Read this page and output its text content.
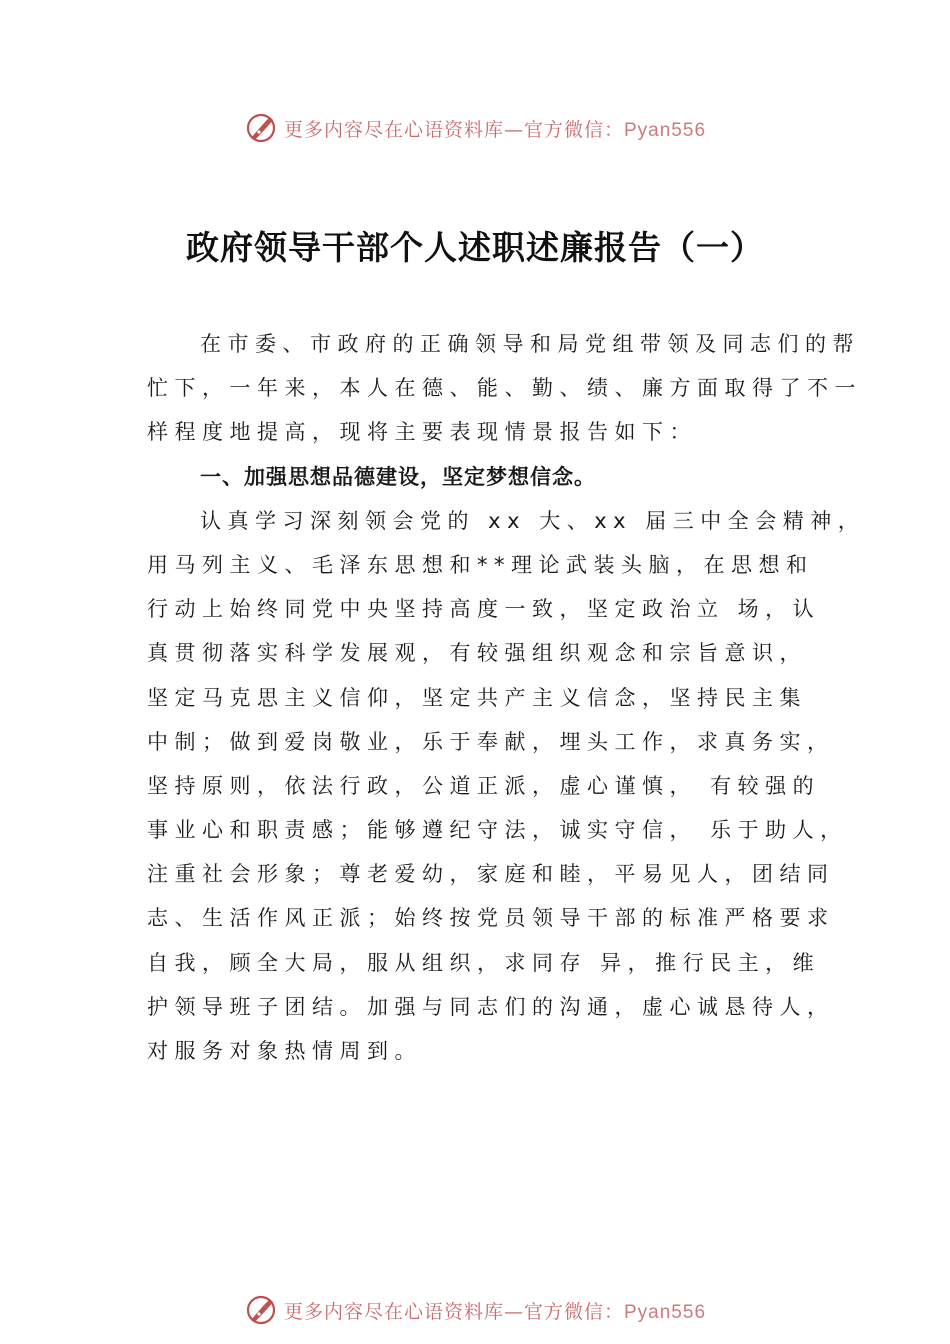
更多内容尽在心语资料库—官方微信：Pyan556
政府领导干部个人述职述廉报告（一）
在市委、市政府的正确领导和局党组带领及同志们的帮
忙下，一年来，本人在德、能、勤、绩、廉方面取得了不一
样程度地提高，现将主要表现情景报告如下：
一、加强思想品德建设，坚定梦想信念。
认真学习深刻领会党的 xx 大、xx 届三中全会精神，
用马列主义、毛泽东思想和**理论武装头脑，在思想和
行动上始终同党中央坚持高度一致，坚定政治立 场，认
真贯彻落实科学发展观，有较强组织观念和宗旨意识，
坚定马克思主义信仰，坚定共产主义信念，坚持民主集
中制；做到爱岗敬业，乐于奉献，埋头工作，求真务实，
坚持原则，依法行政，公道正派，虚心谨慎， 有较强的
事业心和职责感；能够遵纪守法，诚实守信， 乐于助人，
注重社会形象；尊老爱幼，家庭和睦，平易见人，团结同
志、生活作风正派；始终按党员领导干部的标准严格要求
自我，顾全大局，服从组织，求同存 异，推行民主，维
护领导班子团结。加强与同志们的沟通，虚心诚恳待人，
对服务对象热情周到。
更多内容尽在心语资料库—官方微信：Pyan556
